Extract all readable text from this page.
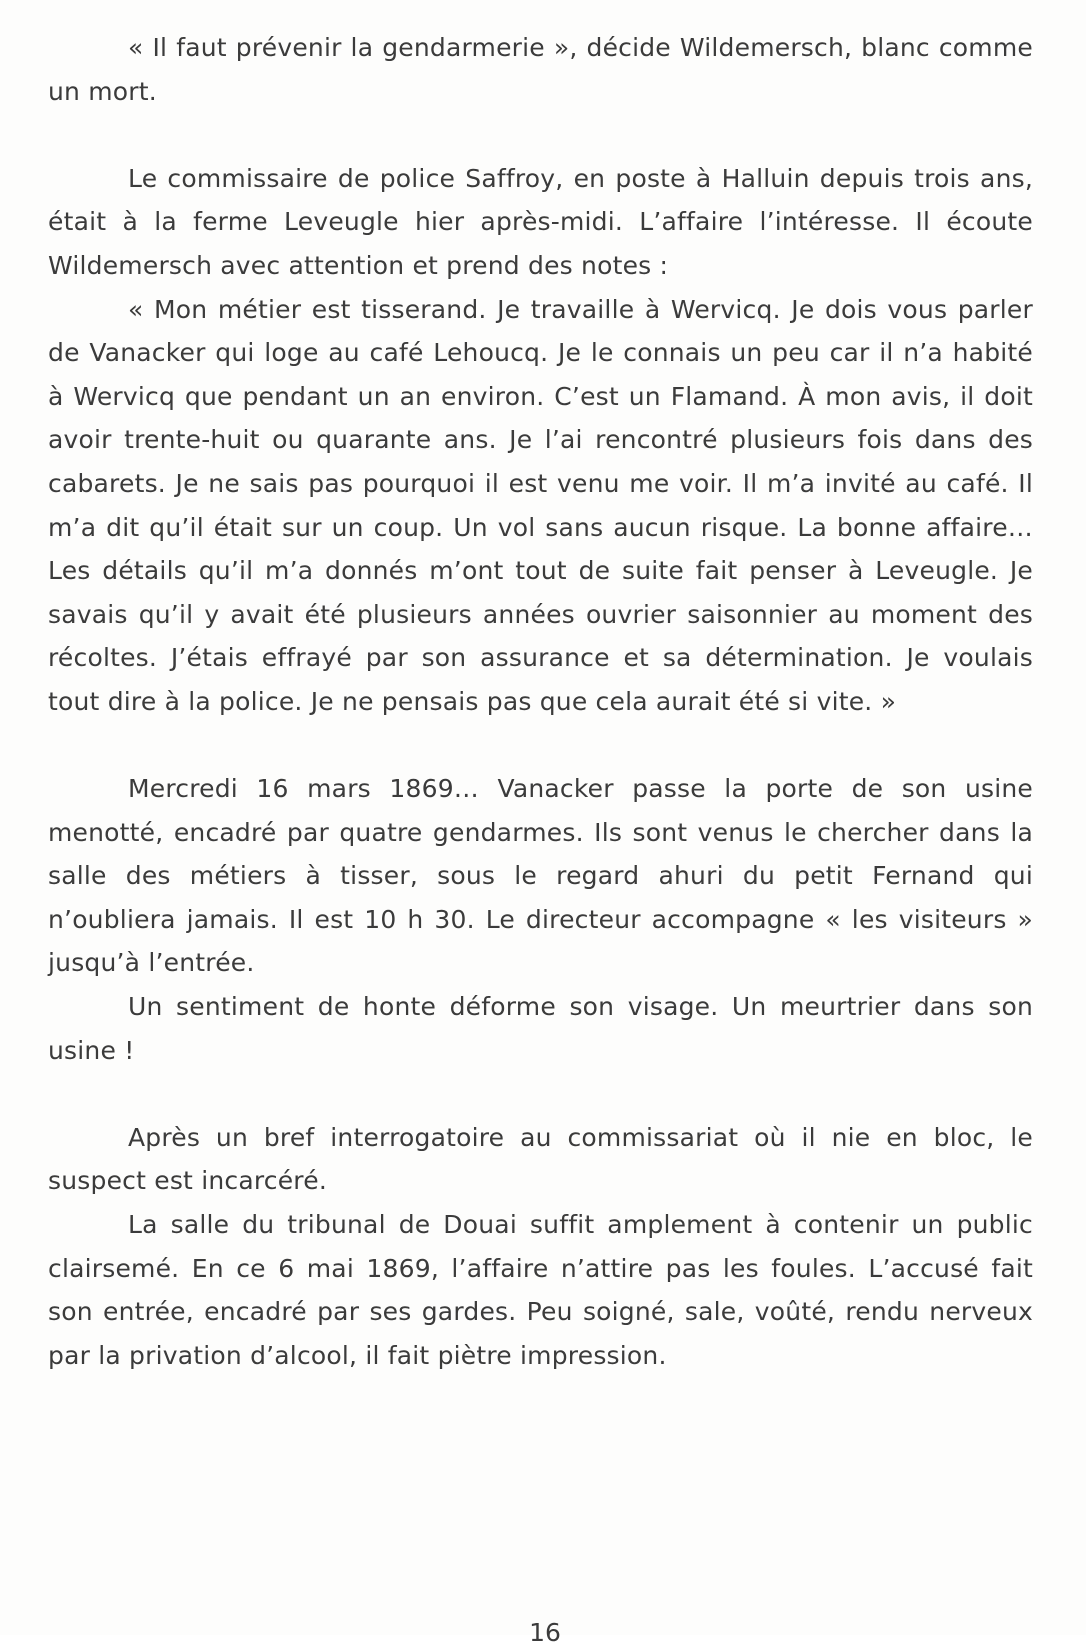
« Il faut prévenir la gendarmerie », décide Wildemersch, blanc comme un mort.

Le commissaire de police Saffroy, en poste à Halluin depuis trois ans, était à la ferme Leveugle hier après-midi. L’affaire l’intéresse. Il écoute Wildemersch avec attention et prend des notes :

« Mon métier est tisserand. Je travaille à Wervicq. Je dois vous parler de Vanacker qui loge au café Lehoucq. Je le connais un peu car il n’a habité à Wervicq que pendant un an environ. C’est un Flamand. À mon avis, il doit avoir trente-huit ou quarante ans. Je l’ai rencontré plusieurs fois dans des cabarets. Je ne sais pas pourquoi il est venu me voir. Il m’a invité au café. Il m’a dit qu’il était sur un coup. Un vol sans aucun risque. La bonne affaire… Les détails qu’il m’a donnés m’ont tout de suite fait penser à Leveugle. Je savais qu’il y avait été plusieurs années ouvrier saisonnier au moment des récoltes. J’étais effrayé par son assurance et sa détermination. Je voulais tout dire à la police. Je ne pensais pas que cela aurait été si vite. »

Mercredi 16 mars 1869… Vanacker passe la porte de son usine menotté, encadré par quatre gendarmes. Ils sont venus le chercher dans la salle des métiers à tisser, sous le regard ahuri du petit Fernand qui n’oubliera jamais. Il est 10 h 30. Le directeur accompagne « les visiteurs » jusqu’à l’entrée.

Un sentiment de honte déforme son visage. Un meurtrier dans son usine !

Après un bref interrogatoire au commissariat où il nie en bloc, le suspect est incarcéré.

La salle du tribunal de Douai suffit amplement à contenir un public clairsemé. En ce 6 mai 1869, l’affaire n’attire pas les foules. L’accusé fait son entrée, encadré par ses gardes. Peu soigné, sale, voûté, rendu nerveux par la privation d’alcool, il fait piètre impression.

16
